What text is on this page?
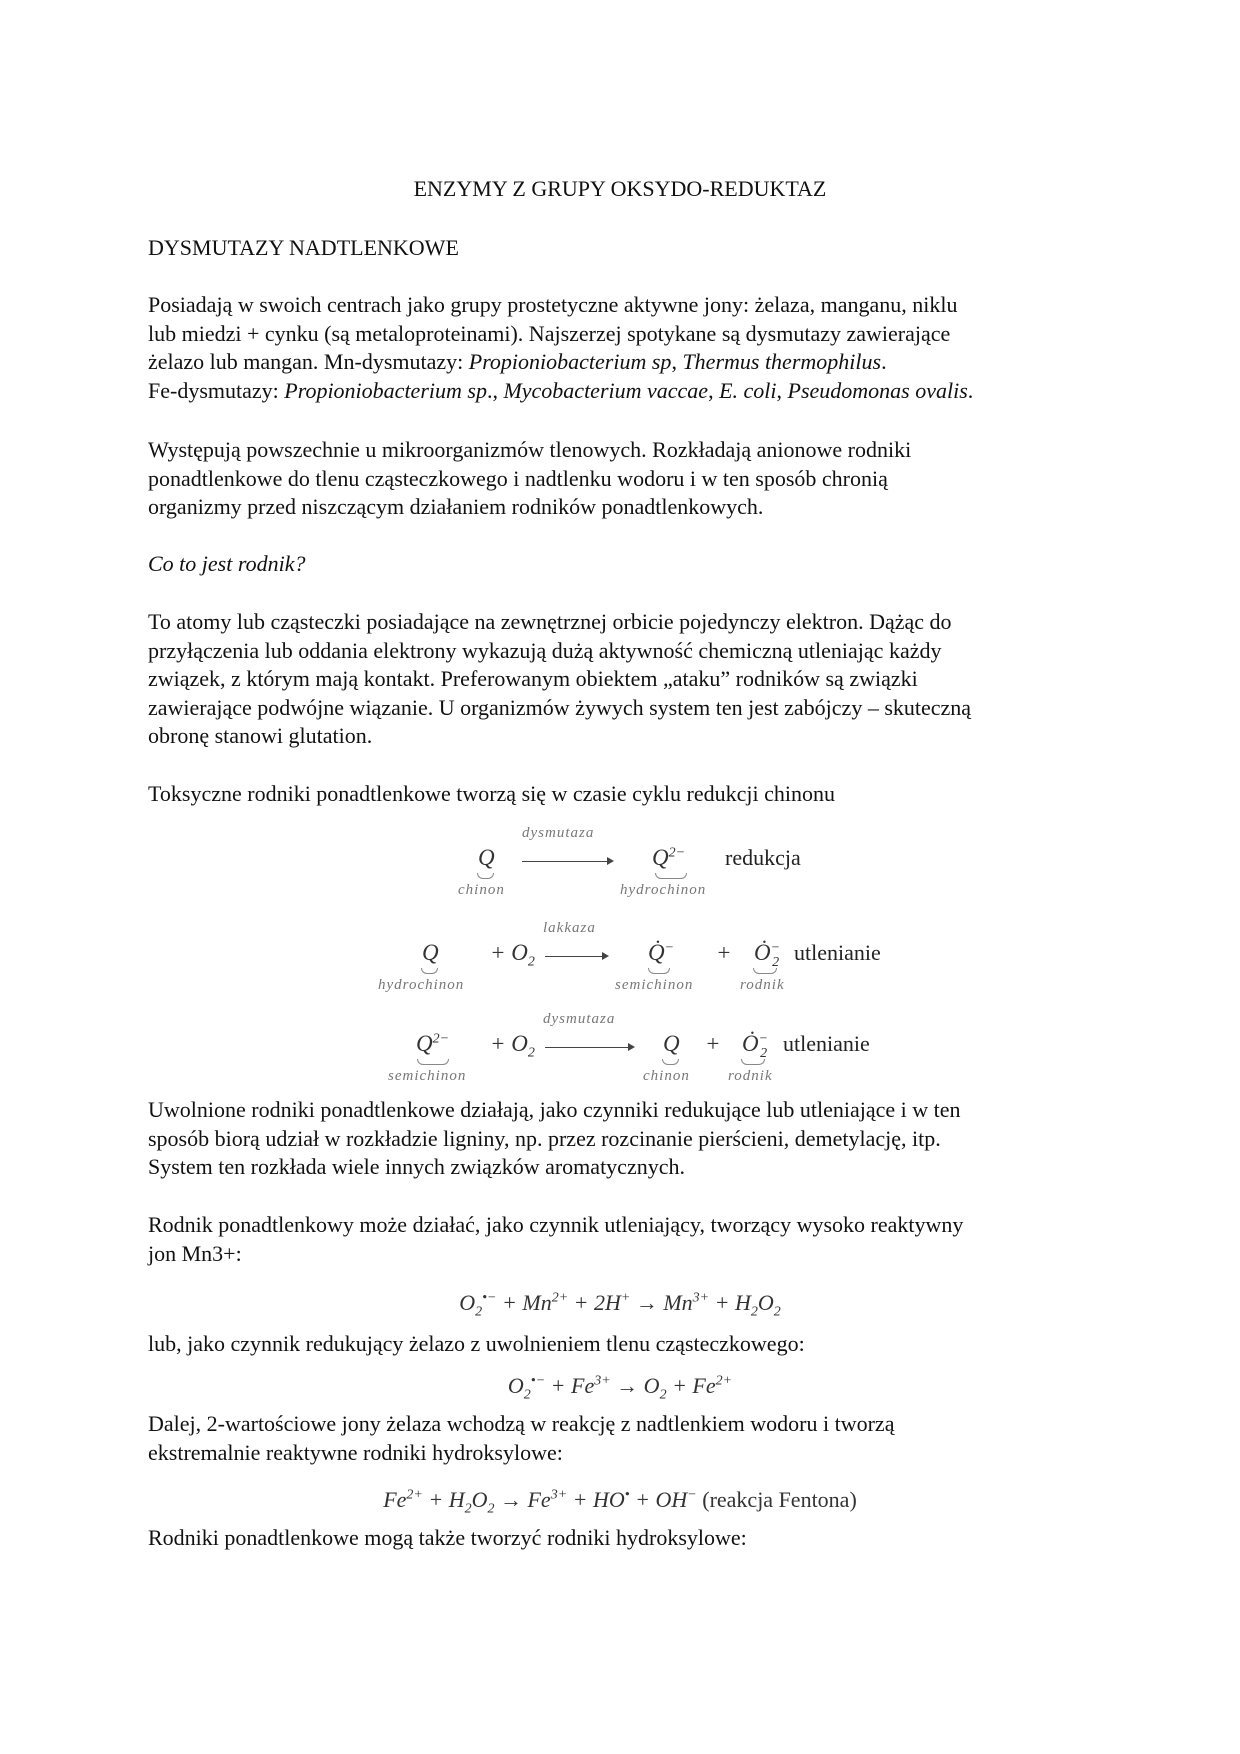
ENZYMY Z GRUPY OKSYDO-REDUKTAZ
DYSMUTAZY NADTLENKOWE
Posiadają w swoich centrach jako grupy prostetyczne aktywne jony: żelaza, manganu, niklu
lub miedzi + cynku (są metaloproteinami). Najszerzej spotykane są dysmutazy zawierające
żelazo lub mangan. Mn-dysmutazy: Propioniobacterium sp, Thermus thermophilus.
Fe-dysmutazy: Propioniobacterium sp., Mycobacterium vaccae, E. coli, Pseudomonas ovalis.
Występują powszechnie u mikroorganizmów tlenowych. Rozkładają anionowe rodniki
ponadtlenkowe do tlenu cząsteczkowego i nadtlenku wodoru i w ten sposób chronią
organizmy przed niszczącym działaniem rodników ponadtlenkowych.
Co to jest rodnik?
To atomy lub cząsteczki posiadające na zewnętrznej orbicie pojedynczy elektron. Dążąc do
przyłączenia lub oddania elektrony wykazują dużą aktywność chemiczną utleniając każdy
związek, z którym mają kontakt. Preferowanym obiektem „ataku” rodników są związki
zawierające podwójne wiązanie. U organizmów żywych system ten jest zabójczy – skuteczną
obronę stanowi glutation.
Toksyczne rodniki ponadtlenkowe tworzą się w czasie cyklu redukcji chinonu
Q
chinon
dysmutaza
$Q^{2-}$
hydrochinon
redukcja
Q
hydrochinon
+ $O_2$
lakkaza
Q̇−
semichinon
+ $Ȯ^-_2$
rodnik
utlenianie
$Q^{2-}$
semichinon
+ $O_2$
dysmutaza
→ Q
chinon
+ $Ȯ^-_2$
rodnik
utlenianie
Uwolnione rodniki ponadtlenkowe działają, jako czynniki redukujące lub utleniające i w ten
sposób biorą udział w rozkładzie ligniny, np. przez rozcinanie pierścieni, demetylację, itp.
System ten rozkłada wiele innych związków aromatycznych.
Rodnik ponadtlenkowy może działać, jako czynnik utleniający, tworzący wysoko reaktywny
jon Mn3+:
$O_2^{•-} + Mn^{2+} + 2H^+ \to Mn^{3+} + H_2O_2$
lub, jako czynnik redukujący żelazo z uwolnieniem tlenu cząsteczkowego:
$O_2^{•-} + Fe^{3+} \to O_2 + Fe^{2+}$
Dalej, 2-wartościowe jony żelaza wchodzą w reakcję z nadtlenkiem wodoru i tworzą
ekstremalnie reaktywne rodniki hydroksylowe:
$Fe^{2+} + H_2O_2 \to Fe^{3+} + HO^• + OH^-$ (reakcja Fentona)
Rodniki ponadtlenkowe mogą także tworzyć rodniki hydroksylowe:
